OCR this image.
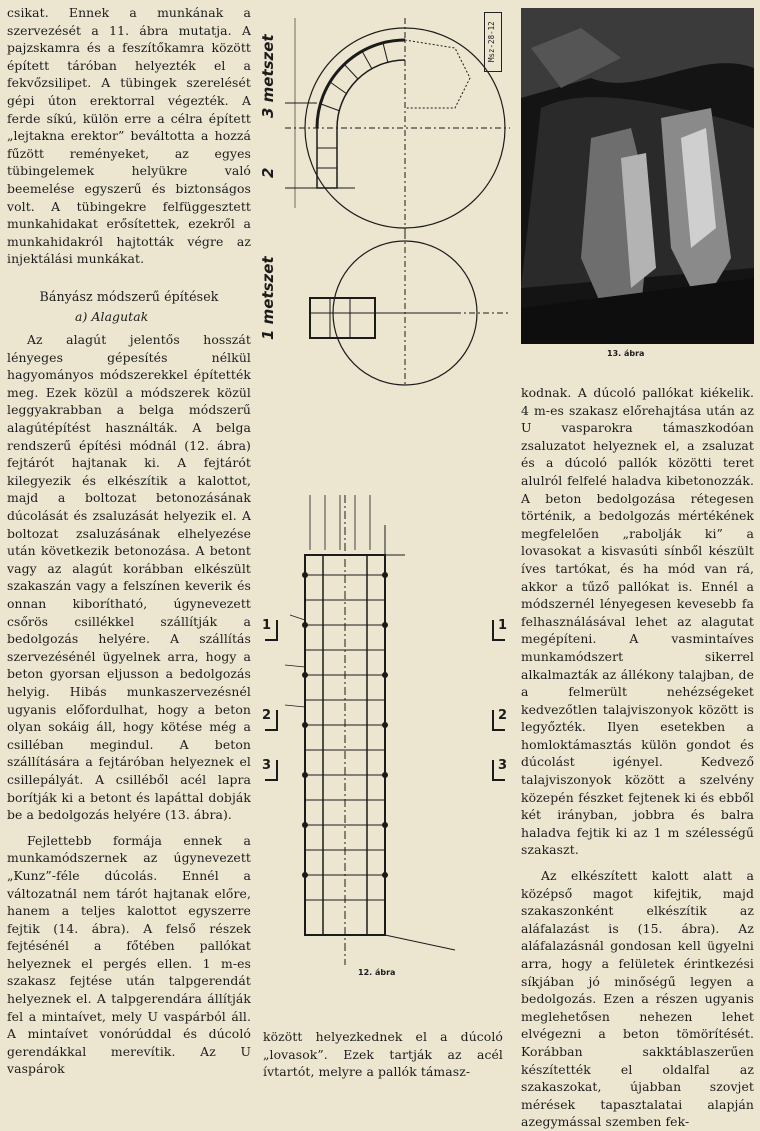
csikat. Ennek a munkának a szervezését a 11. ábra mutatja. A pajzskamra és a feszítőkamra között épített tárόban helyezték el a fekvőzsilipet. A tübingek szerelését gépi úton erektorral végezték. A ferde síkú, külön erre a célra épített „lejtakna erektor” beváltotta a hozzá fűzött reményeket, az egyes tübingelemek helyükre való beemelése egyszerű és biztonságos volt. A tübingekre felfüggesztett munkahidakat erősítettek, ezekről a munkahidakról hajtották végre az injektálási munkákat.

Bányász módszerű építések
a) Alagutak

Az alagút jelentős hosszát lényeges gépesítés nélkül hagyományos módszerekkel építették meg. Ezek közül a módszerek közül leggyakrabban a belga módszerű alagútépítést használták. A belga rendszerű építési módnál (12. ábra) fejtárót hajtanak ki. A fejtárót kilegyezik és elkészítik a kalottot, majd a boltozat betonozásának dúcolását és zsaluzását helyezik el. A boltozat zsaluzásának elhelyezése után következik betonozása. A betont vagy az alagút korábban elkészült szakaszán vagy a felszínen keverik és onnan kiboríthatό, úgynevezett csőrös csillékkel szállítják a bedolgozás helyére. A szállítás szervezésénél ügyelnek arra, hogy a beton gyorsan eljusson a bedolgozás helyig. Hibás munkaszervezésnél ugyanis előfordulhat, hogy a beton olyan sokáig áll, hogy kötése még a csilléban megindul. A beton szállítására a fejtárόban helyeznek el csillepályát. A csilléből acél lapra borítják ki a betont és lapáttal dobják be a bedolgozás helyére (13. ábra).

Fejlettebb formája ennek a munkamódszernek az úgynevezett „Kunz”-féle dúcolás. Ennél a változatnál nem tárót hajtanak előre, hanem a teljes kalottot egyszerre fejtik (14. ábra). A felső részek fejtésénél a főtében pallókat helyeznek el pergés ellen. 1 m-es szakasz fejtése után talpgerendát helyeznek el. A talpgerendára állítják fel a mintaívet, mely U vaspárból áll. A mintaívet vonórúddal és dúcoló gerendákkal merevítik. Az U vaspárok

3 metszet
2
1 metszet
Msz-28-12
13. ábra
1	1
2	2
3	3
12. ábra

között helyezkednek el a dúcoló „lovasok”. Ezek tartják az acél ívtartót, melyre a pallók támasz-

kodnak. A dúcoló pallókat kiékelik. 4 m-es szakasz előrehajtása után az U vasparokra támaszkodóan zsaluzatot helyeznek el, a zsaluzat és a dúcoló pallók közötti teret alulról felfelé haladva kibetonozzák. A beton bedolgozása rétegesen történik, a bedolgozás mértékének megfelelően „rabolják ki” a lovasokat a kisvasúti sínből készült íves tartókat, és ha mód van rá, akkor a tűző pallókat is. Ennél a módszernél lényegesen kevesebb fa felhasználásával lehet az alagutat megépíteni. A vasmintaíves munkamódszert sikerrel alkalmazták az állékony talajban, de a felmerült nehézségeket kedvezőtlen talajviszonyok között is legyőzték. Ilyen esetekben a homloktámasztás külön gondot és dúcolást igényel. Kedvező talajviszonyok között a szelvény közepén fészket fejtenek ki és ebből két irányban, jobbra és balra haladva fejtik ki az 1 m szélességű szakaszt.

Az elkészített kalott alatt a középső magot kifejtik, majd szakaszonként elkészítik az aláfalazást is (15. ábra). Az aláfalazásnál gondosan kell ügyelni arra, hogy a felületek érintkezési síkjában jó minőségű legyen a bedolgozás. Ezen a részen ugyanis meglehetősen nehezen lehet elvégezni a beton tömörítését. Korábban sakktáblaszerűen készítették el oldalfal az szakaszokat, újabban szovjet mérések tapasztalatai alapján azegymással szemben fek-
